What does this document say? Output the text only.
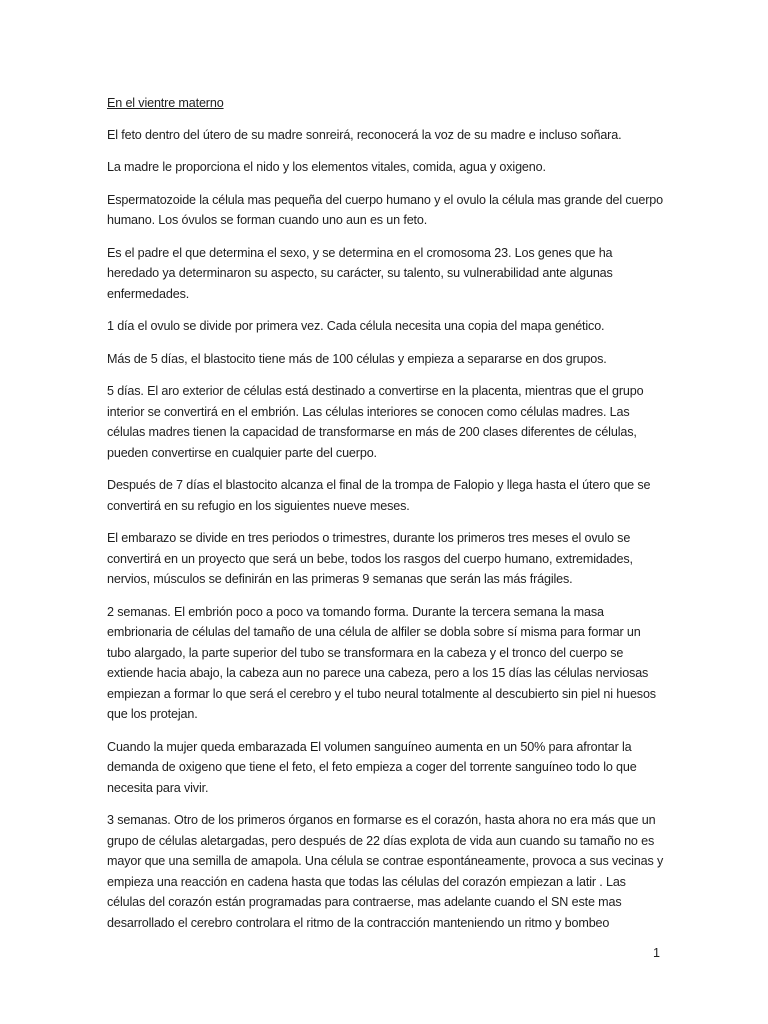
En el vientre materno

El feto dentro del útero de su madre sonreirá, reconocerá la voz de su madre e incluso soñara.

La madre le proporciona el nido y los elementos vitales, comida, agua y oxigeno.

Espermatozoide la célula mas pequeña del cuerpo humano y el ovulo la célula mas grande del cuerpo humano. Los óvulos se forman cuando uno aun es un feto.

Es el padre el que determina el sexo, y se determina en el cromosoma 23. Los genes que ha heredado ya determinaron su aspecto, su carácter, su talento, su vulnerabilidad ante algunas enfermedades.

1 día el ovulo se divide por primera vez. Cada célula necesita una copia del mapa genético.

Más de 5 días, el blastocito tiene más de 100 células y empieza a separarse en dos grupos.

5 días. El aro exterior de células está destinado a convertirse en la placenta, mientras que el grupo interior se convertirá en el embrión. Las células interiores se conocen como células madres. Las células madres tienen la capacidad de transformarse en más de 200 clases diferentes de células, pueden convertirse en cualquier parte del cuerpo.

Después de 7 días el blastocito alcanza el final de la trompa de Falopio y llega hasta el útero que se convertirá en su refugio en los siguientes nueve meses.

El embarazo se divide en tres periodos o trimestres, durante los primeros tres meses el ovulo se convertirá en un proyecto que será un bebe, todos los rasgos del cuerpo humano, extremidades, nervios, músculos se definirán en las primeras 9 semanas que serán las más frágiles.

2 semanas. El embrión poco a poco va tomando forma. Durante la tercera semana la masa embrionaria de células del tamaño de una célula de alfiler se dobla sobre sí misma para formar un tubo alargado, la parte superior del tubo se transformara en la cabeza y el tronco del cuerpo se extiende hacia abajo, la cabeza aun no parece una cabeza, pero a los 15 días las células nerviosas empiezan a formar lo que será el cerebro y el tubo neural totalmente al descubierto sin piel ni huesos que los protejan.

Cuando la mujer queda embarazada El volumen sanguíneo aumenta en un 50% para afrontar la demanda de oxigeno que tiene el feto, el feto empieza a coger del torrente sanguíneo todo lo que necesita para vivir.

3 semanas. Otro de los primeros órganos en formarse es el corazón, hasta ahora no era más que un grupo de células aletargadas, pero después de 22 días explota de vida aun cuando su tamaño no es mayor que una semilla de amapola. Una célula se contrae espontáneamente, provoca a sus vecinas y empieza una reacción en cadena hasta que todas las células del corazón empiezan a latir . Las células del corazón están programadas para contraerse, mas adelante cuando el SN este mas desarrollado el cerebro controlara el ritmo de la contracción manteniendo un ritmo y bombeo

1
